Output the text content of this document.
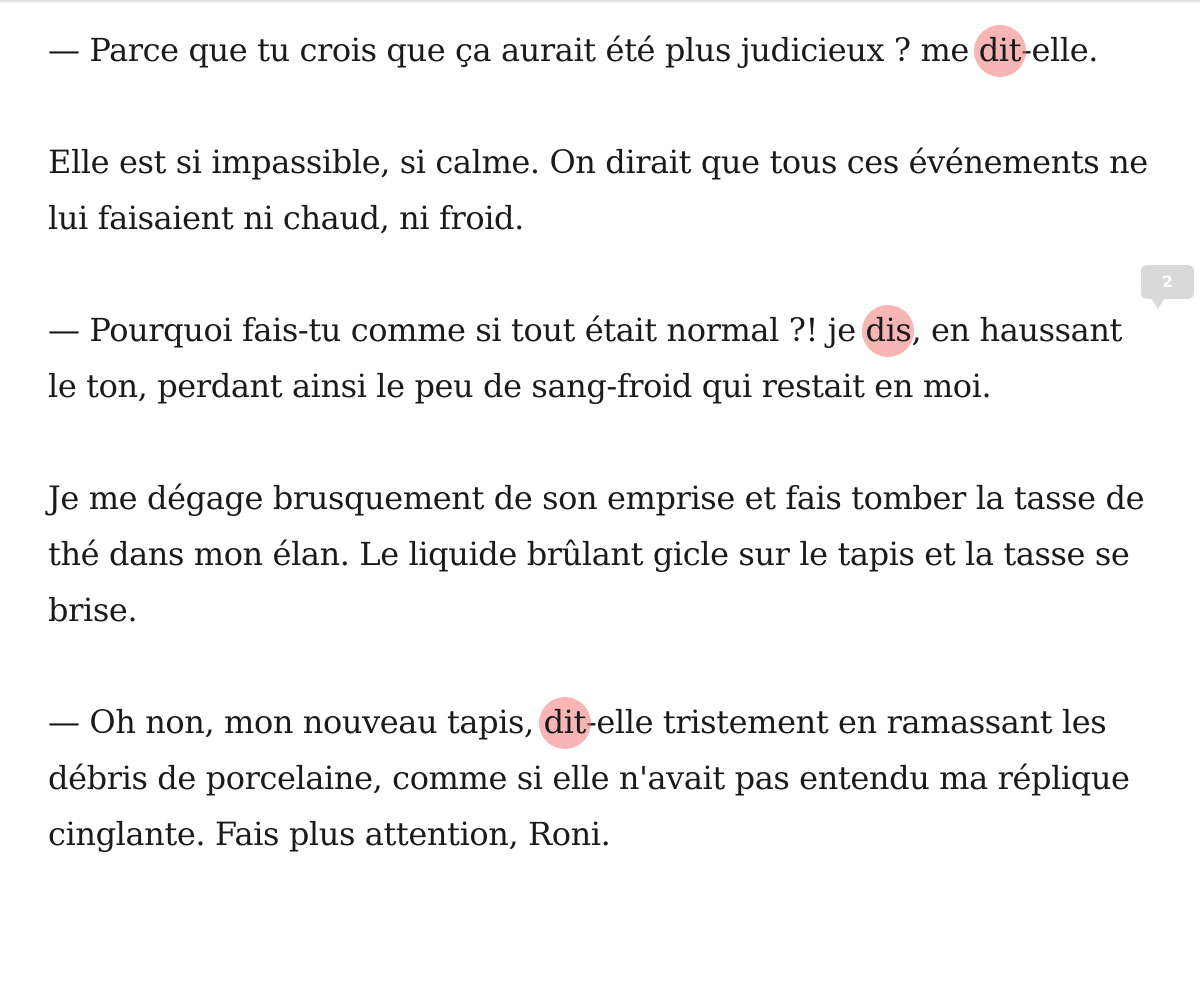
— Parce que tu crois que ça aurait été plus judicieux ? me dit-elle.

Elle est si impassible, si calme. On dirait que tous ces événements ne lui faisaient ni chaud, ni froid.

— Pourquoi fais-tu comme si tout était normal ?! je dis, en haussant le ton, perdant ainsi le peu de sang-froid qui restait en moi.

Je me dégage brusquement de son emprise et fais tomber la tasse de thé dans mon élan. Le liquide brûlant gicle sur le tapis et la tasse se brise.

— Oh non, mon nouveau tapis, dit-elle tristement en ramassant les débris de porcelaine, comme si elle n'avait pas entendu ma réplique cinglante. Fais plus attention, Roni.

2
